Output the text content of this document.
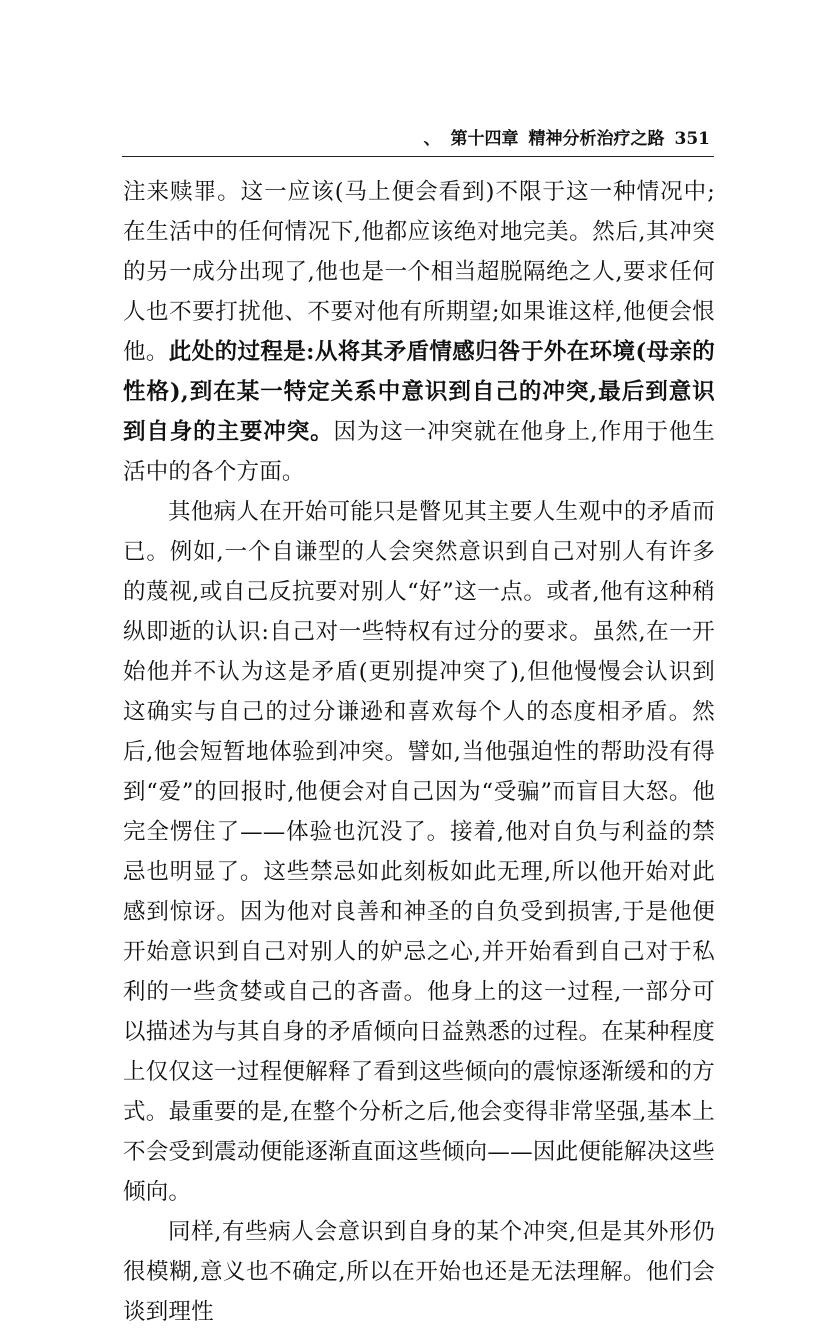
、 第十四章 精神分析治疗之路 351

注来赎罪。这一应该(马上便会看到)不限于这一种情况中;在生活中的任何情况下,他都应该绝对地完美。然后,其冲突的另一成分出现了,他也是一个相当超脱隔绝之人,要求任何人也不要打扰他、不要对他有所期望;如果谁这样,他便会恨他。此处的过程是:从将其矛盾情感归咎于外在环境(母亲的性格),到在某一特定关系中意识到自己的冲突,最后到意识到自身的主要冲突。因为这一冲突就在他身上,作用于他生活中的各个方面。

其他病人在开始可能只是瞥见其主要人生观中的矛盾而已。例如,一个自谦型的人会突然意识到自己对别人有许多的蔑视,或自己反抗要对别人“好”这一点。或者,他有这种稍纵即逝的认识:自己对一些特权有过分的要求。虽然,在一开始他并不认为这是矛盾(更别提冲突了),但他慢慢会认识到这确实与自己的过分谦逊和喜欢每个人的态度相矛盾。然后,他会短暂地体验到冲突。譬如,当他强迫性的帮助没有得到“爱”的回报时,他便会对自己因为“受骗”而盲目大怒。他完全愣住了——体验也沉没了。接着,他对自负与利益的禁忌也明显了。这些禁忌如此刻板如此无理,所以他开始对此感到惊讶。因为他对良善和神圣的自负受到损害,于是他便开始意识到自己对别人的妒忌之心,并开始看到自己对于私利的一些贪婪或自己的吝啬。他身上的这一过程,一部分可以描述为与其自身的矛盾倾向日益熟悉的过程。在某种程度上仅仅这一过程便解释了看到这些倾向的震惊逐渐缓和的方式。最重要的是,在整个分析之后,他会变得非常坚强,基本上不会受到震动便能逐渐直面这些倾向——因此便能解决这些倾向。

同样,有些病人会意识到自身的某个冲突,但是其外形仍很模糊,意义也不确定,所以在开始也还是无法理解。他们会谈到理性
